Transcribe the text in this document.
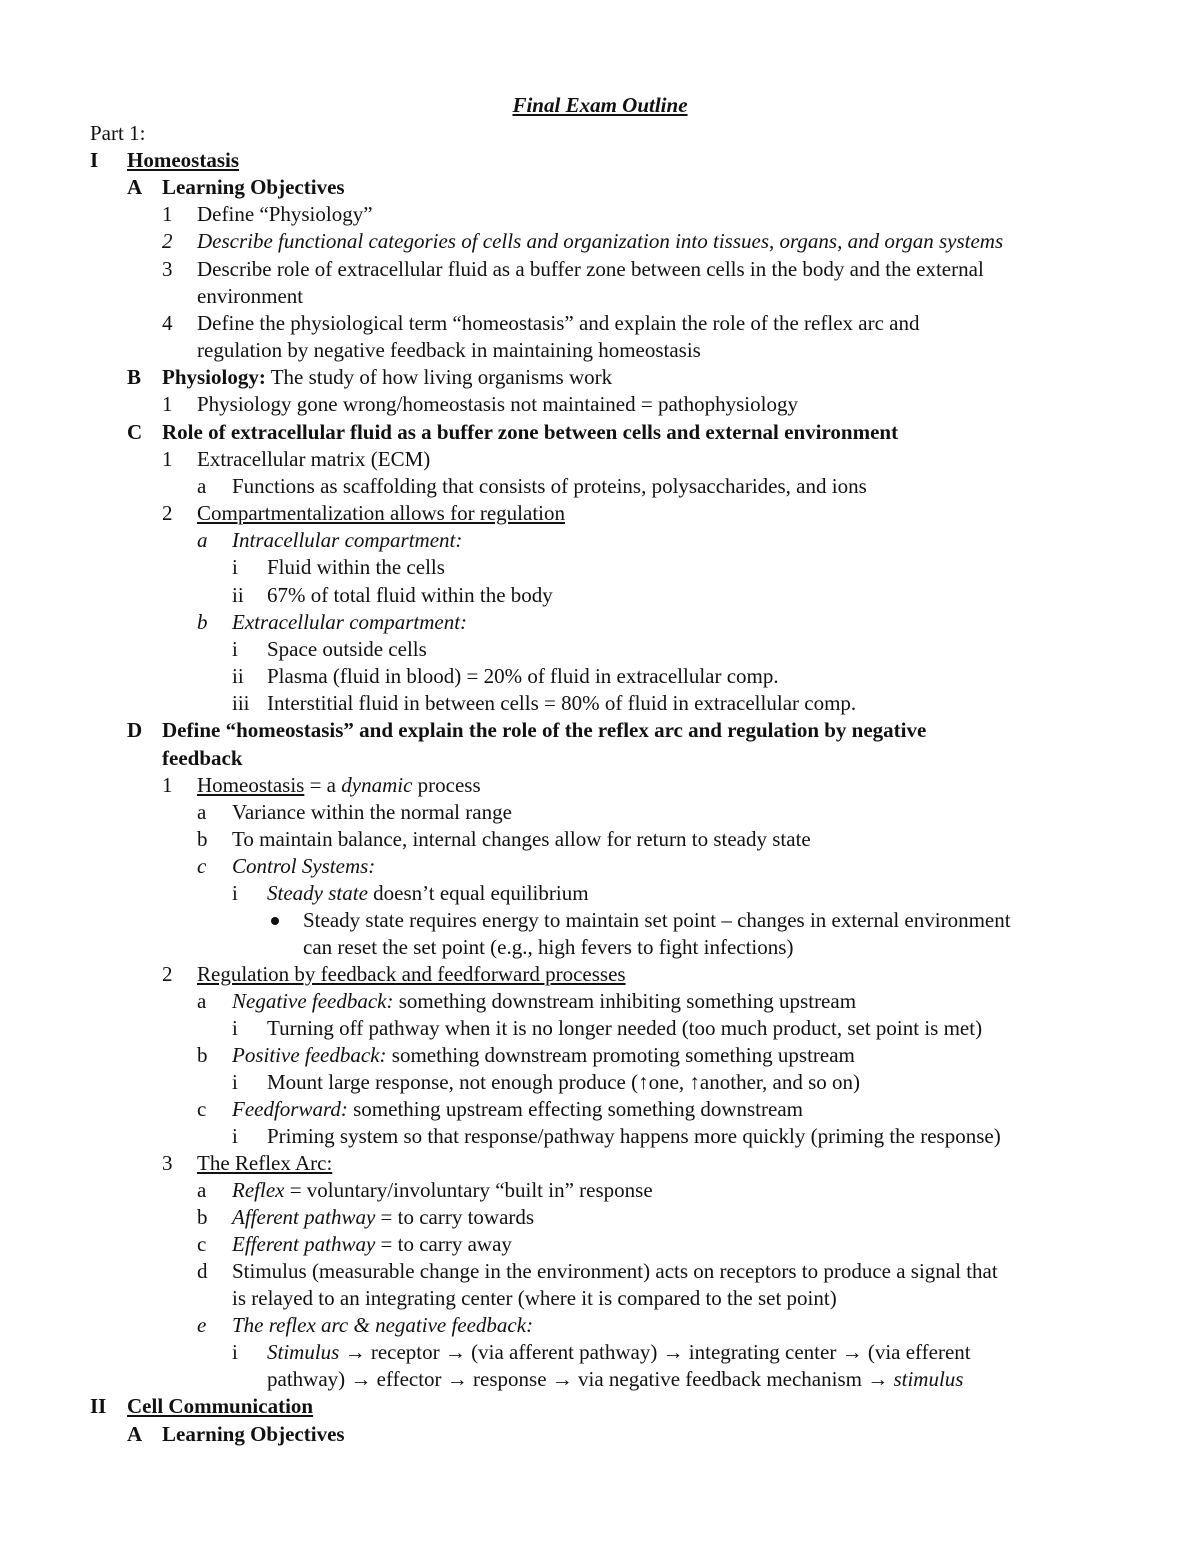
Final Exam Outline
Part 1:
I Homeostasis
A Learning Objectives
1 Define “Physiology”
2 Describe functional categories of cells and organization into tissues, organs, and organ systems
3 Describe role of extracellular fluid as a buffer zone between cells in the body and the external
environment
4 Define the physiological term “homeostasis” and explain the role of the reflex arc and
regulation by negative feedback in maintaining homeostasis
B Physiology: The study of how living organisms work
1 Physiology gone wrong/homeostasis not maintained = pathophysiology
C Role of extracellular fluid as a buffer zone between cells and external environment
1 Extracellular matrix (ECM)
a Functions as scaffolding that consists of proteins, polysaccharides, and ions
2 Compartmentalization allows for regulation
a Intracellular compartment:
i Fluid within the cells
ii 67% of total fluid within the body
b Extracellular compartment:
i Space outside cells
ii Plasma (fluid in blood) = 20% of fluid in extracellular comp.
iii Interstitial fluid in between cells = 80% of fluid in extracellular comp.
D Define “homeostasis” and explain the role of the reflex arc and regulation by negative
feedback
1 Homeostasis = a dynamic process
a Variance within the normal range
b To maintain balance, internal changes allow for return to steady state
c Control Systems:
i Steady state doesn’t equal equilibrium
Steady state requires energy to maintain set point – changes in external environment
can reset the set point (e.g., high fevers to fight infections)
2 Regulation by feedback and feedforward processes
a Negative feedback: something downstream inhibiting something upstream
i Turning off pathway when it is no longer needed (too much product, set point is met)
b Positive feedback: something downstream promoting something upstream
i Mount large response, not enough produce (↑one, ↑another, and so on)
c Feedforward: something upstream effecting something downstream
i Priming system so that response/pathway happens more quickly (priming the response)
3 The Reflex Arc:
a Reflex = voluntary/involuntary “built in” response
b Afferent pathway = to carry towards
c Efferent pathway = to carry away
d Stimulus (measurable change in the environment) acts on receptors to produce a signal that
is relayed to an integrating center (where it is compared to the set point)
e The reflex arc & negative feedback:
i Stimulus → receptor → (via afferent pathway) → integrating center → (via efferent
pathway) → effector → response → via negative feedback mechanism → stimulus
II Cell Communication
A Learning Objectives
